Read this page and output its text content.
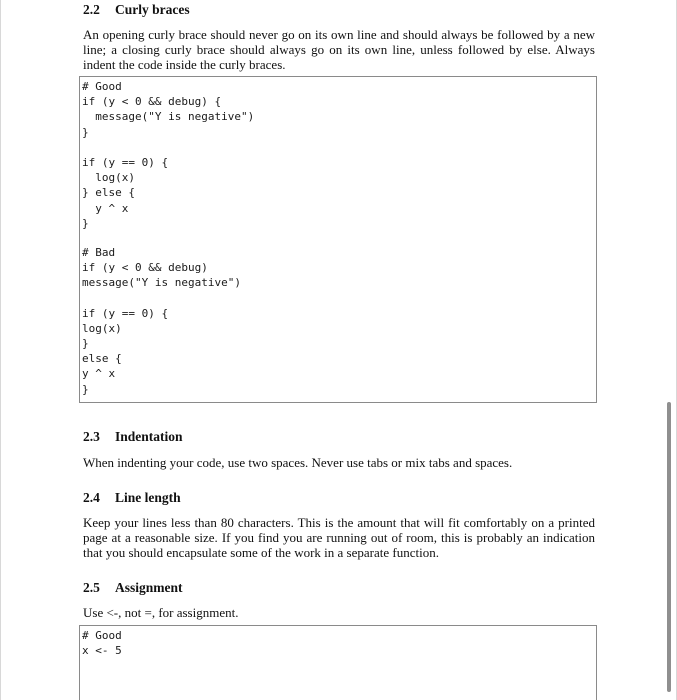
2.2 Curly braces

An opening curly brace should never go on its own line and should always be followed by a new line; a closing curly brace should always go on its own line, unless followed by else. Always indent the code inside the curly braces.

# Good
if (y < 0 && debug) {
message("Y is negative")
}
if (y == 0) {
log(x)
} else {
y ^ x
}
# Bad
if (y < 0 && debug)
message("Y is negative")
if (y == 0) {
log(x)
}
else {
y ^ x
}
2.3 Indentation

When indenting your code, use two spaces. Never use tabs or mix tabs and spaces.

2.4 Line length

Keep your lines less than 80 characters. This is the amount that will fit comfortably on a printed page at a reasonable size. If you find you are running out of room, this is probably an indication that you should encapsulate some of the work in a separate function.

2.5 Assignment

Use <-, not =, for assignment.

# Good
x <- 5
